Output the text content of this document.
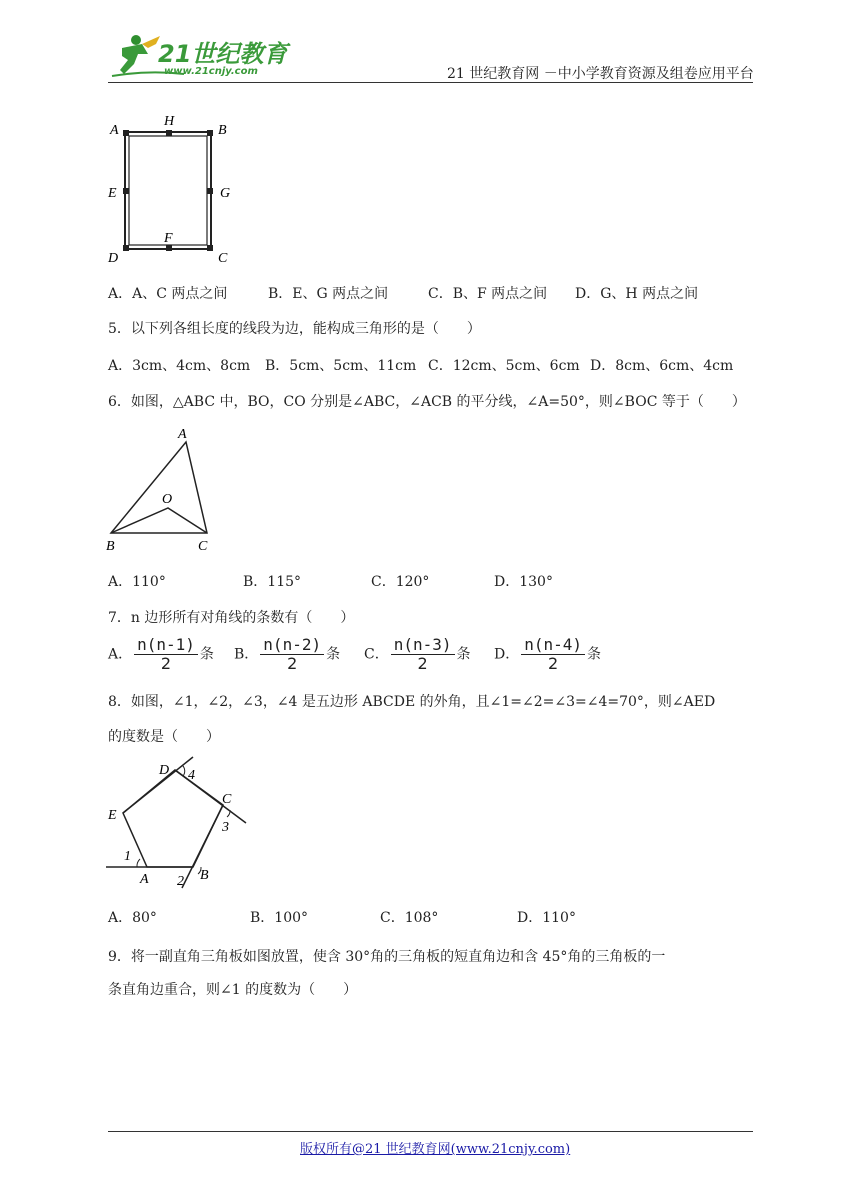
21世纪教育
www.21cnjy.com	21 世纪教育网 －中小学教育资源及组卷应用平台
A
H
B
E	G
D
F
C
A．A、C 两点之间	B．E、G 两点之间	C．B、F 两点之间 D．G、H 两点之间
5．以下列各组长度的线段为边，能构成三角形的是（　　）
A．3cm、4cm、8cm B．5cm、5cm、11cm C．12cm、5cm、6cm D．8cm、6cm、4cm
6．如图，△ABC 中，BO，CO 分别是∠ABC，∠ACB 的平分线，∠A=50°，则∠BOC 等于（　　）
A
O
B	C
A．110°	B．115°	C．120°	D．130°
7．n 边形所有对角线的条数有（　　）
A． $\frac{n(n-1)}{2}$ 条 B． $\frac{n(n-2)}{2}$ 条 C． $\frac{n(n-3)}{2}$ 条 D． $\frac{n(n-4)}{2}$ 条
8．如图，∠1，∠2，∠3，∠4 是五边形 ABCDE 的外角，且∠1=∠2=∠3=∠4=70°，则∠AED
的度数是（　　）
D 4
C
E
3
1
A 2 B
A．80°	B．100°	C．108°	D．110°
9．将一副直角三角板如图放置，使含 30°角的三角板的短直角边和含 45°角的三角板的一
条直角边重合，则∠1 的度数为（　　）
版权所有@21 世纪教育网(www.21cnjy.com)
